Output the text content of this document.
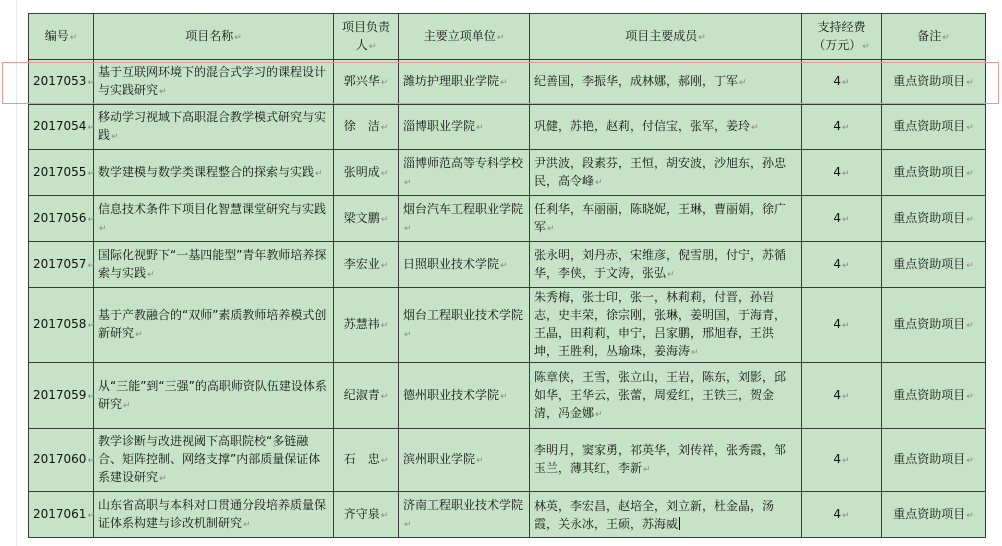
编号↵	项目名称↵	项目负责人↵	主要立项单位↵	项目主要成员↵	支持经费（万元）↵	备注↵
2017053↵	基于互联网环境下的混合式学习的课程设计与实践研究↵	郭兴华↵	潍坊护理职业学院↵	纪善国，李振华，成林娜，郝刚，丁军↵	4↵	重点资助项目↵
2017054↵	移动学习视域下高职混合教学模式研究与实践↵	徐　洁↵	淄博职业学院↵	巩健，苏艳，赵莉，付信宝，张军，姜玲↵	4↵	重点资助项目↵
2017055↵	数学建模与数学类课程整合的探索与实践↵	张明成↵	淄博师范高等专科学校↵	尹洪波，段素芬，王恒，胡安波，沙旭东，孙忠民，高令峰↵	4↵	重点资助项目↵
2017056↵	信息技术条件下项目化智慧课堂研究与实践↵	梁文鹏↵	烟台汽车工程职业学院↵	任利华，车丽丽，陈晓妮，王琳，曹丽娟，徐广军↵	4↵	重点资助项目↵
2017057↵	国际化视野下“一基四能型”青年教师培养探索与实践↵	李宏业↵	日照职业技术学院↵	张永明，刘丹赤，宋维彦，倪雪朋，付宁，苏循华，李侠，于文涛，张弘↵	4↵	重点资助项目↵
2017058↵	基于产教融合的“双师”素质教师培养模式创新研究↵	苏慧祎↵	烟台工程职业技术学院↵	朱秀梅，张士印，张一，林莉莉，付晋，孙岩志，史丰荣，徐宗刚，张琳，姜明国，于海青，王晶，田莉莉，申宁，吕家鹏，邢旭春，王洪坤，王胜利，丛瑜珠，姜海涛↵	4↵	重点资助项目↵
2017059↵	从“三能”到“三强”的高职师资队伍建设体系研究↵	纪淑青↵	德州职业技术学院↵	陈章侠，王雪，张立山，王岩，陈东，刘影，邱如华，王华云，张蕾，周爱红，王铁三，贺金清，冯金娜↵	4↵	重点资助项目↵
2017060↵	教学诊断与改进视阈下高职院校“多链融合、矩阵控制、网络支撑”内部质量保证体系建设研究↵	石　忠↵	滨州职业学院↵	李明月，窦家勇，祁英华，刘传祥，张秀霞，邹玉兰，薄其红，李新↵	4↵	重点资助项目↵
2017061↵	山东省高职与本科对口贯通分段培养质量保证体系构建与诊改机制研究↵	齐守泉↵	济南工程职业技术学院↵	林英，李宏昌，赵培全，刘立新，杜金晶，汤霞，关永冰，王硕，苏海威	4↵	重点资助项目↵
